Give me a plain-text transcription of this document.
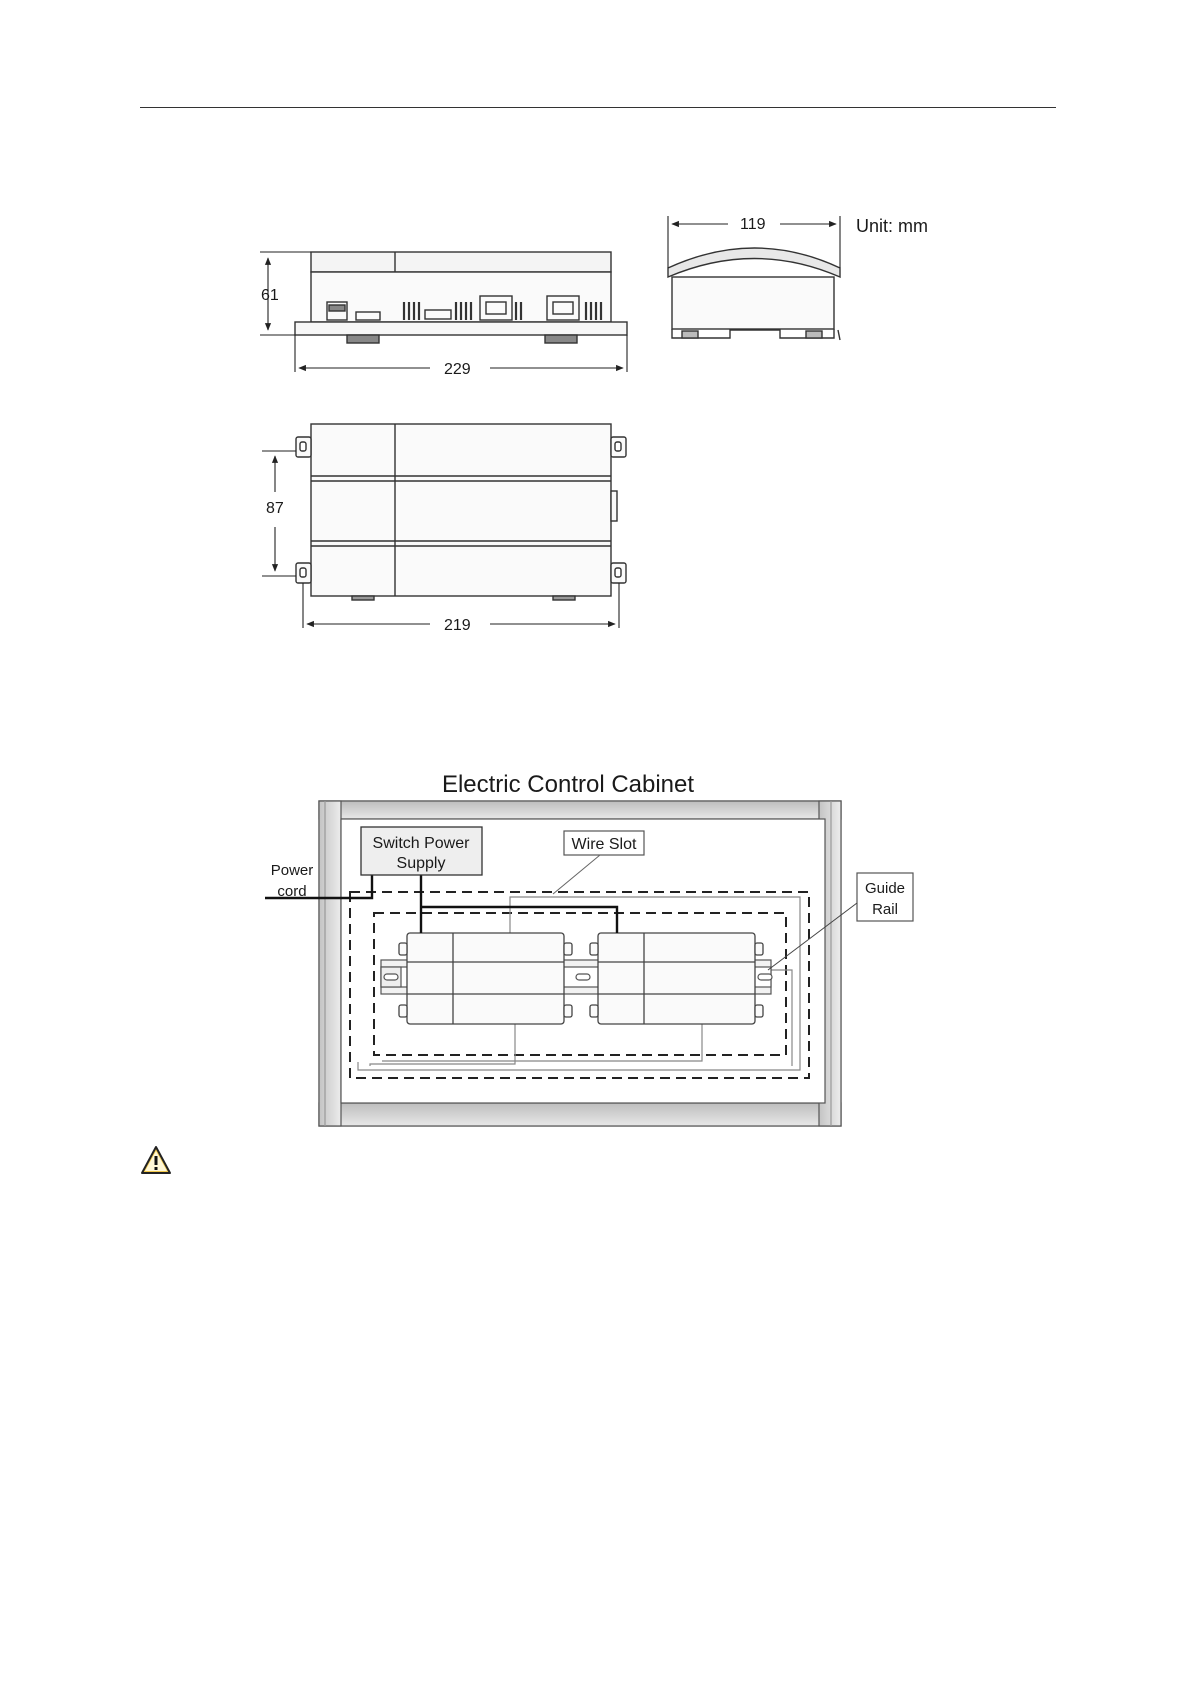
61
229
119	Unit: mm
87
219
Electric Control Cabinet
Switch Power
Supply
Power
cord
Wire Slot
Guide
Rail
